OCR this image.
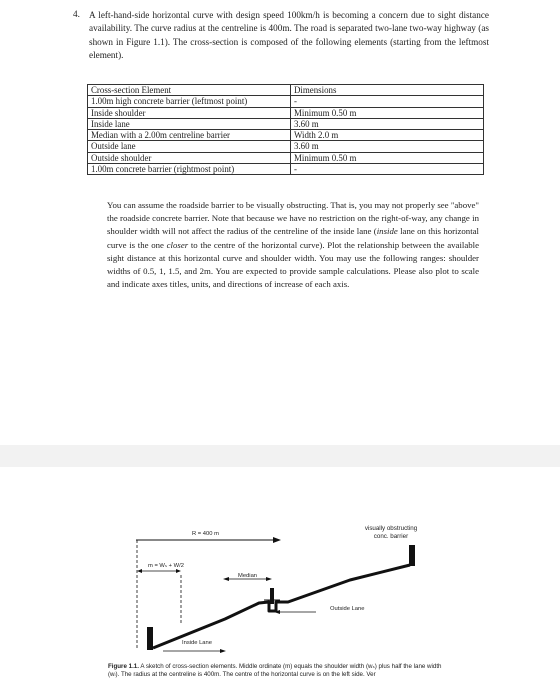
4. A left-hand-side horizontal curve with design speed 100km/h is becoming a concern due to sight distance availability. The curve radius at the centreline is 400m. The road is separated two-lane two-way highway (as shown in Figure 1.1). The cross-section is composed of the following elements (starting from the leftmost element).
Cross-section Element	Dimensions
1.00m high concrete barrier (leftmost point)	-
Inside shoulder	Minimum 0.50 m
Inside lane	3.60 m
Median with a 2.00m centreline barrier	Width 2.0 m
Outside lane	3.60 m
Outside shoulder	Minimum 0.50 m
1.00m concrete barrier (rightmost point)	-
You can assume the roadside barrier to be visually obstructing. That is, you may not properly see "above" the roadside concrete barrier. Note that because we have no restriction on the right-of-way, any change in shoulder width will not affect the radius of the centreline of the inside lane (inside lane on this horizontal curve is the one closer to the centre of the horizontal curve). Plot the relationship between the available sight distance at this horizontal curve and shoulder width. You may use the following ranges: shoulder widths of 0.5, 1, 1.5, and 2m. You are expected to provide sample calculations. Please also plot to scale and indicate axes titles, units, and directions of increase of each axis.
R = 400 m
visually obstructing
conc. barrier
m = Wₛ + W/2
Median
Outside Lane
Inside Lane
Figure 1.1. A sketch of cross-section elements. Middle ordinate (m) equals the shoulder width (wₛ) plus half the lane width (wₗ). The radius at the centreline is 400m. The centre of the horizontal curve is on the left side. Ver
